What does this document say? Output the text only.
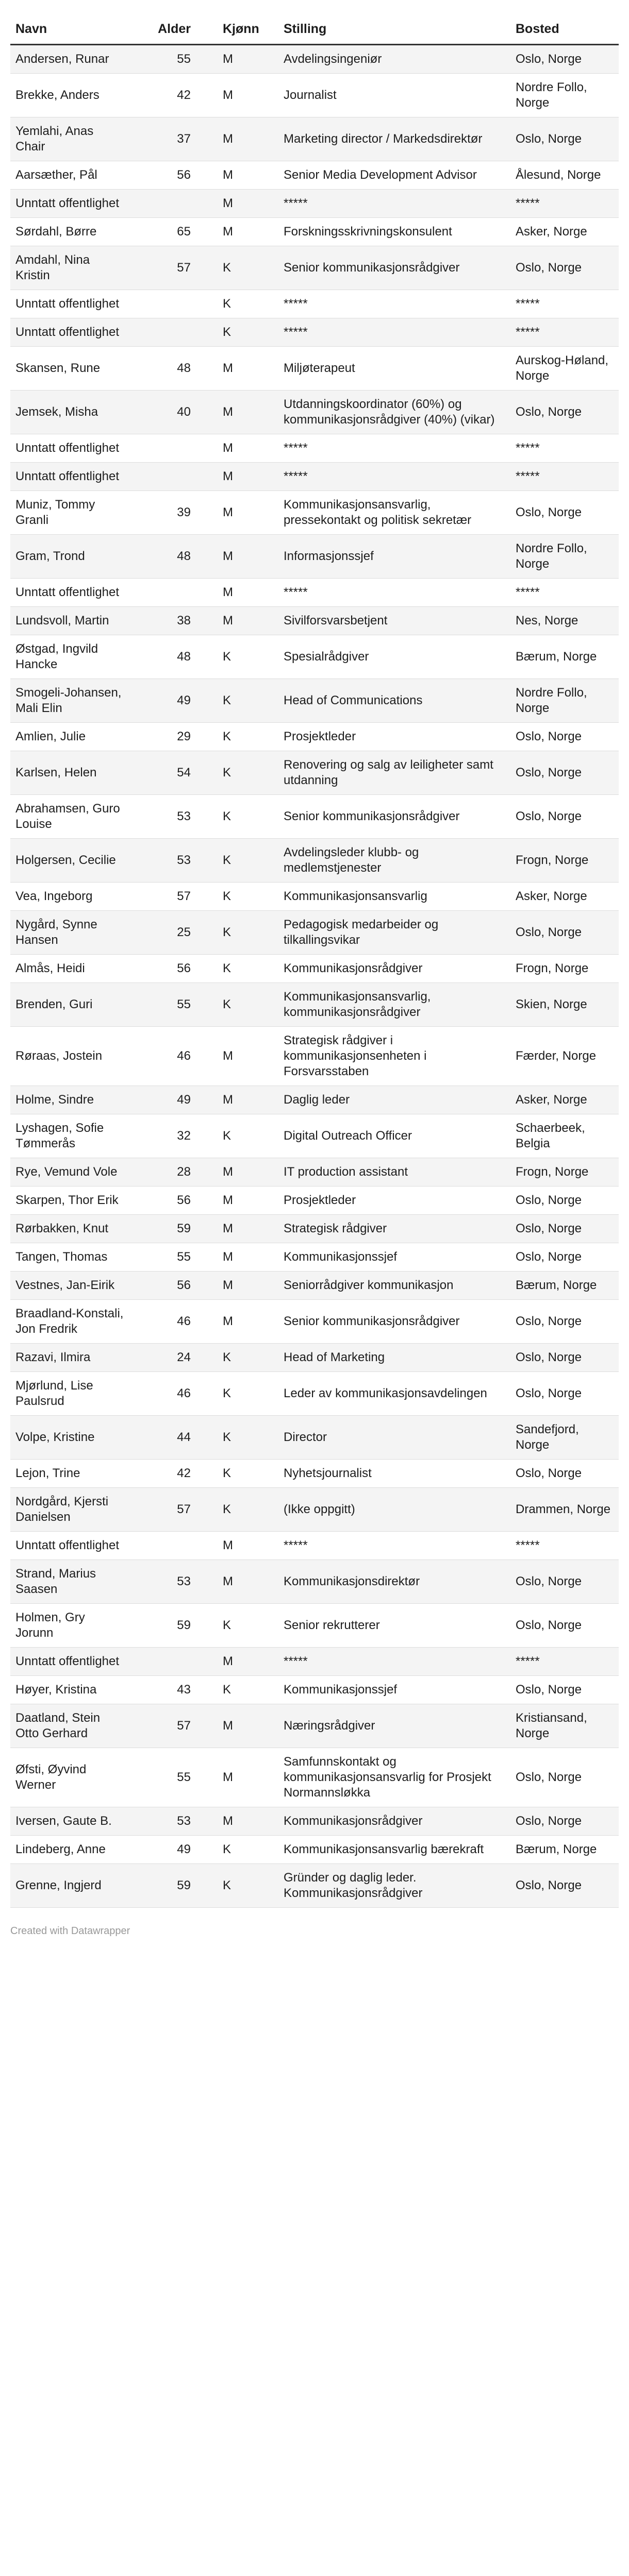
Navn	Alder	Kjønn	Stilling	Bosted
Andersen, Runar	55	M	Avdelingsingeniør	Oslo, Norge
Brekke, Anders	42	M	Journalist	Nordre Follo, Norge
Yemlahi, Anas Chair	37	M	Marketing director / Markedsdirektør	Oslo, Norge
Aarsæther, Pål	56	M	Senior Media Development Advisor	Ålesund, Norge
Unntatt offentlighet		M	*****	*****
Sørdahl, Børre	65	M	Forskningsskrivningskonsulent	Asker, Norge
Amdahl, Nina Kristin	57	K	Senior kommunikasjonsrådgiver	Oslo, Norge
Unntatt offentlighet		K	*****	*****
Unntatt offentlighet		K	*****	*****
Skansen, Rune	48	M	Miljøterapeut	Aurskog-Høland, Norge
Jemsek, Misha	40	M	Utdanningskoordinator (60%) og kommunikasjonsrådgiver (40%) (vikar)	Oslo, Norge
Unntatt offentlighet		M	*****	*****
Unntatt offentlighet		M	*****	*****
Muniz, Tommy Granli	39	M	Kommunikasjonsansvarlig, pressekontakt og politisk sekretær	Oslo, Norge
Gram, Trond	48	M	Informasjonssjef	Nordre Follo, Norge
Unntatt offentlighet		M	*****	*****
Lundsvoll, Martin	38	M	Sivilforsvarsbetjent	Nes, Norge
Østgad, Ingvild Hancke	48	K	Spesialrådgiver	Bærum, Norge
Smogeli-Johansen, Mali Elin	49	K	Head of Communications	Nordre Follo, Norge
Amlien, Julie	29	K	Prosjektleder	Oslo, Norge
Karlsen, Helen	54	K	Renovering og salg av leiligheter samt utdanning	Oslo, Norge
Abrahamsen, Guro Louise	53	K	Senior kommunikasjonsrådgiver	Oslo, Norge
Holgersen, Cecilie	53	K	Avdelingsleder klubb- og medlemstjenester	Frogn, Norge
Vea, Ingeborg	57	K	Kommunikasjonsansvarlig	Asker, Norge
Nygård, Synne Hansen	25	K	Pedagogisk medarbeider og tilkallingsvikar	Oslo, Norge
Almås, Heidi	56	K	Kommunikasjonsrådgiver	Frogn, Norge
Brenden, Guri	55	K	Kommunikasjonsansvarlig, kommunikasjonsrådgiver	Skien, Norge
Røraas, Jostein	46	M	Strategisk rådgiver i kommunikasjonsenheten i Forsvarsstaben	Færder, Norge
Holme, Sindre	49	M	Daglig leder	Asker, Norge
Lyshagen, Sofie Tømmerås	32	K	Digital Outreach Officer	Schaerbeek, Belgia
Rye, Vemund Vole	28	M	IT production assistant	Frogn, Norge
Skarpen, Thor Erik	56	M	Prosjektleder	Oslo, Norge
Rørbakken, Knut	59	M	Strategisk rådgiver	Oslo, Norge
Tangen, Thomas	55	M	Kommunikasjonssjef	Oslo, Norge
Vestnes, Jan-Eirik	56	M	Seniorrådgiver kommunikasjon	Bærum, Norge
Braadland-Konstali, Jon Fredrik	46	M	Senior kommunikasjonsrådgiver	Oslo, Norge
Razavi, Ilmira	24	K	Head of Marketing	Oslo, Norge
Mjørlund, Lise Paulsrud	46	K	Leder av kommunikasjonsavdelingen	Oslo, Norge
Volpe, Kristine	44	K	Director	Sandefjord, Norge
Lejon, Trine	42	K	Nyhetsjournalist	Oslo, Norge
Nordgård, Kjersti Danielsen	57	K	(Ikke oppgitt)	Drammen, Norge
Unntatt offentlighet		M	*****	*****
Strand, Marius Saasen	53	M	Kommunikasjonsdirektør	Oslo, Norge
Holmen, Gry Jorunn	59	K	Senior rekrutterer	Oslo, Norge
Unntatt offentlighet		M	*****	*****
Høyer, Kristina	43	K	Kommunikasjonssjef	Oslo, Norge
Daatland, Stein Otto Gerhard	57	M	Næringsrådgiver	Kristiansand, Norge
Øfsti, Øyvind Werner	55	M	Samfunnskontakt og kommunikasjonsansvarlig for Prosjekt Normannsløkka	Oslo, Norge
Iversen, Gaute B.	53	M	Kommunikasjonsrådgiver	Oslo, Norge
Lindeberg, Anne	49	K	Kommunikasjonsansvarlig bærekraft	Bærum, Norge
Grenne, Ingjerd	59	K	Gründer og daglig leder. Kommunikasjonsrådgiver	Oslo, Norge
Created with Datawrapper
